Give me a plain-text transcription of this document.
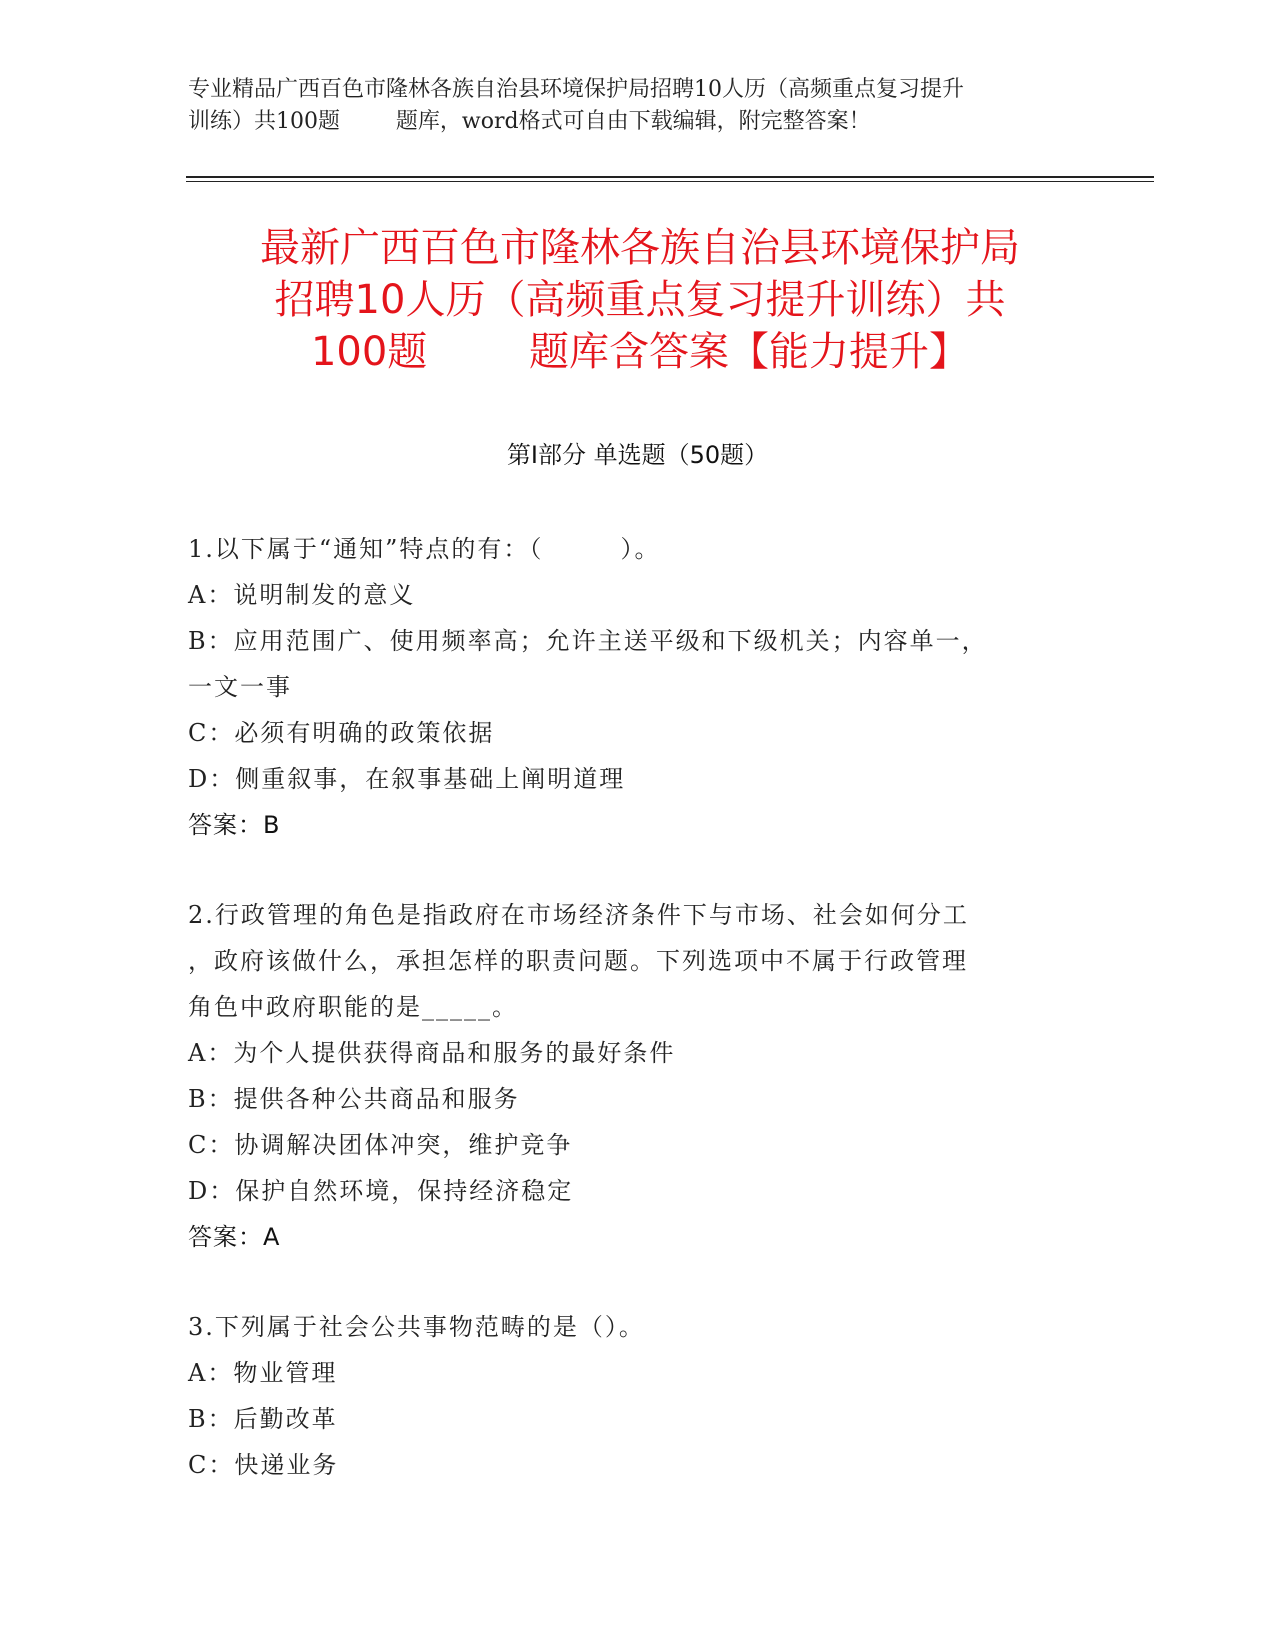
专业精品广西百色市隆林各族自治县环境保护局招聘10人历（高频重点复习提升
训练）共100题        题库，word格式可自由下载编辑，附完整答案！
最新广西百色市隆林各族自治县环境保护局
招聘10人历（高频重点复习提升训练）共
100题        题库含答案【能力提升】
第Ⅰ部分 单选题（50题）
1.以下属于“通知”特点的有：（        ）。
A：说明制发的意义
B：应用范围广、使用频率高；允许主送平级和下级机关；内容单一，
一文一事
C：必须有明确的政策依据
D：侧重叙事，在叙事基础上阐明道理
答案：B
2.行政管理的角色是指政府在市场经济条件下与市场、社会如何分工
，政府该做什么，承担怎样的职责问题。下列选项中不属于行政管理
角色中政府职能的是_____。
A：为个人提供获得商品和服务的最好条件
B：提供各种公共商品和服务
C：协调解决团体冲突，维护竞争
D：保护自然环境，保持经济稳定
答案：A
3.下列属于社会公共事物范畴的是（）。
A：物业管理
B：后勤改革
C：快递业务
